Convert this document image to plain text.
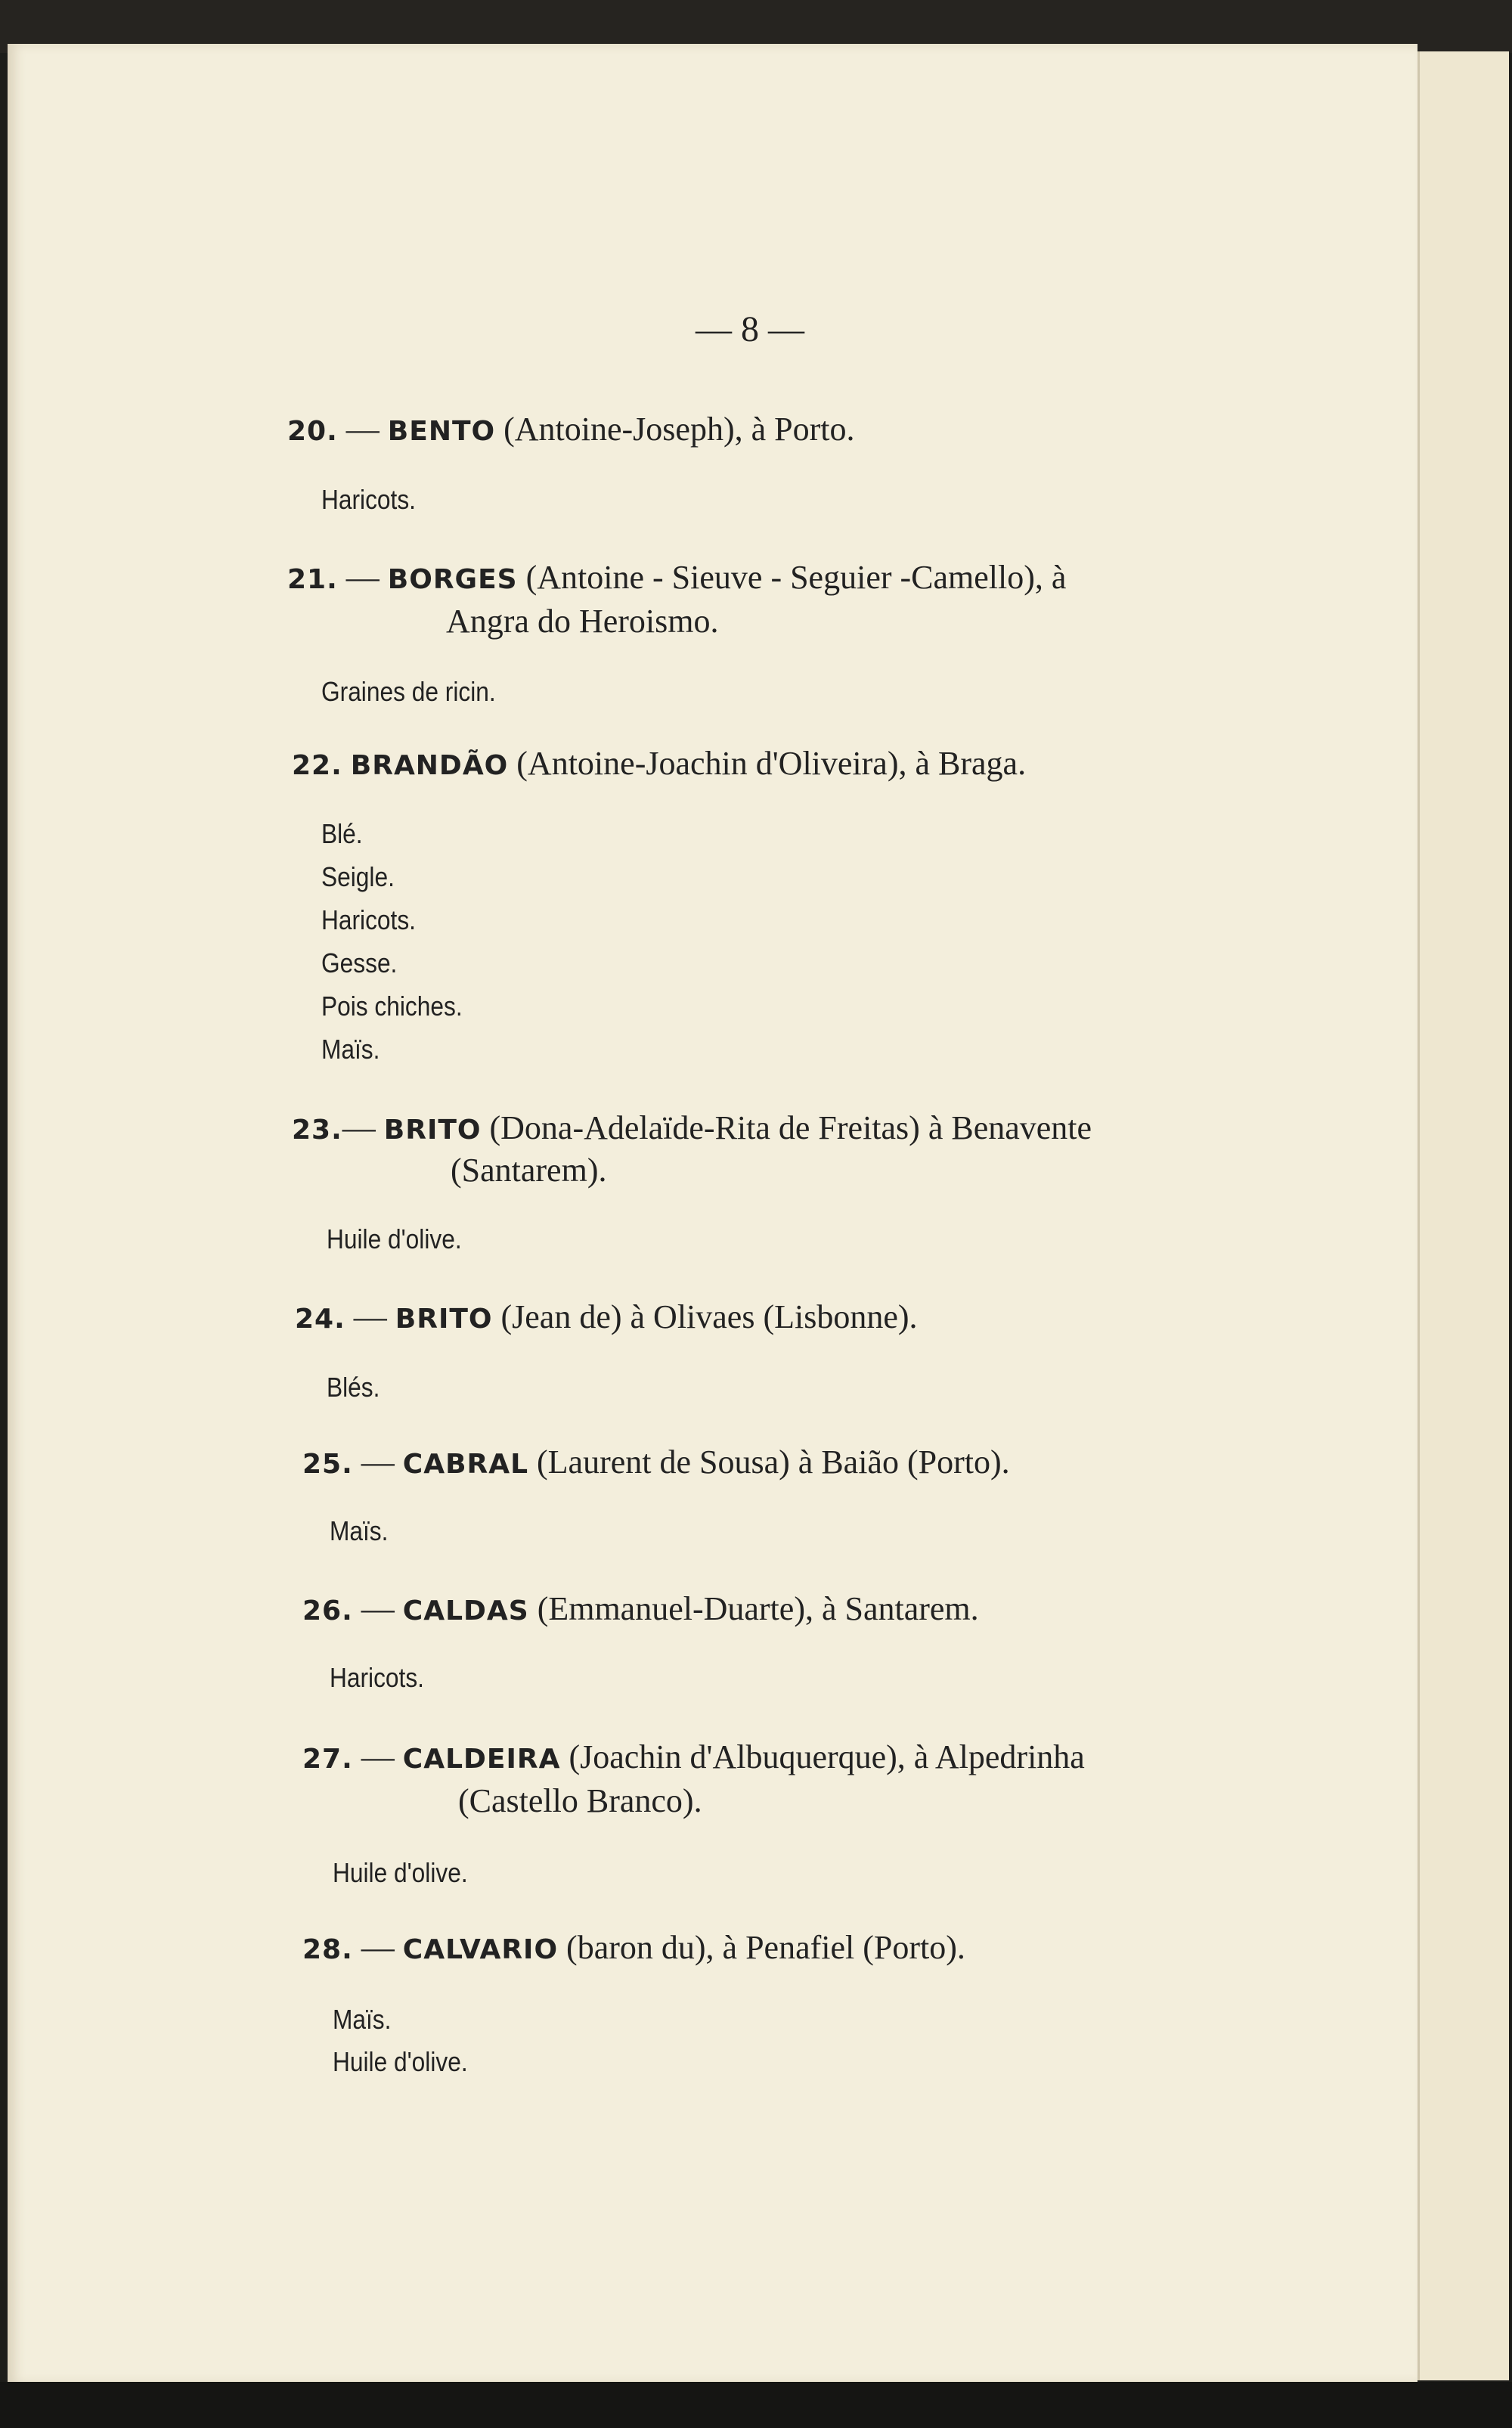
— 8 —
20. — BENTO (Antoine-Joseph), à Porto.
Haricots.
21. — BORGES (Antoine - Sieuve - Seguier -Camello), à
Angra do Heroismo.
Graines de ricin.
22. BRANDÃO (Antoine-Joachin d'Oliveira), à Braga.
Blé.
Seigle.
Haricots.
Gesse.
Pois chiches.
Maïs.
23.— BRITO (Dona-Adelaïde-Rita de Freitas) à Benavente
(Santarem).
Huile d'olive.
24. — BRITO (Jean de) à Olivaes (Lisbonne).
Blés.
25. — CABRAL (Laurent de Sousa) à Baião (Porto).
Maïs.
26. — CALDAS (Emmanuel-Duarte), à Santarem.
Haricots.
27. — CALDEIRA (Joachin d'Albuquerque), à Alpedrinha
(Castello Branco).
Huile d'olive.
28. — CALVARIO (baron du), à Penafiel (Porto).
Maïs.
Huile d'olive.
